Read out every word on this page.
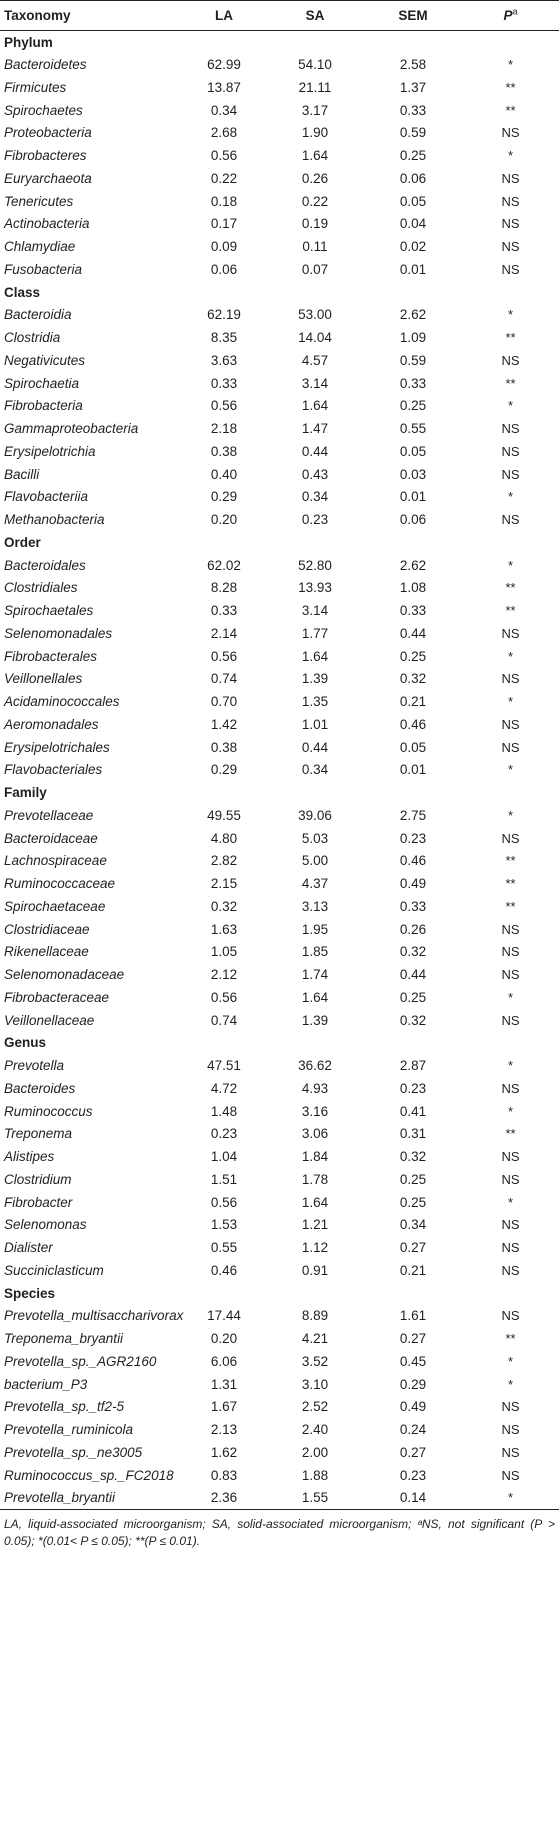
Taxonomy	LA	SA	SEM	$P^a$
Phylum				
Bacteroidetes	62.99	54.10	2.58	*
Firmicutes	13.87	21.11	1.37	**
Spirochaetes	0.34	3.17	0.33	**
Proteobacteria	2.68	1.90	0.59	NS
Fibrobacteres	0.56	1.64	0.25	*
Euryarchaeota	0.22	0.26	0.06	NS
Tenericutes	0.18	0.22	0.05	NS
Actinobacteria	0.17	0.19	0.04	NS
Chlamydiae	0.09	0.11	0.02	NS
Fusobacteria	0.06	0.07	0.01	NS
Class				
Bacteroidia	62.19	53.00	2.62	*
Clostridia	8.35	14.04	1.09	**
Negativicutes	3.63	4.57	0.59	NS
Spirochaetia	0.33	3.14	0.33	**
Fibrobacteria	0.56	1.64	0.25	*
Gammaproteobacteria	2.18	1.47	0.55	NS
Erysipelotrichia	0.38	0.44	0.05	NS
Bacilli	0.40	0.43	0.03	NS
Flavobacteriia	0.29	0.34	0.01	*
Methanobacteria	0.20	0.23	0.06	NS
Order				
Bacteroidales	62.02	52.80	2.62	*
Clostridiales	8.28	13.93	1.08	**
Spirochaetales	0.33	3.14	0.33	**
Selenomonadales	2.14	1.77	0.44	NS
Fibrobacterales	0.56	1.64	0.25	*
Veillonellales	0.74	1.39	0.32	NS
Acidaminococcales	0.70	1.35	0.21	*
Aeromonadales	1.42	1.01	0.46	NS
Erysipelotrichales	0.38	0.44	0.05	NS
Flavobacteriales	0.29	0.34	0.01	*
Family				
Prevotellaceae	49.55	39.06	2.75	*
Bacteroidaceae	4.80	5.03	0.23	NS
Lachnospiraceae	2.82	5.00	0.46	**
Ruminococcaceae	2.15	4.37	0.49	**
Spirochaetaceae	0.32	3.13	0.33	**
Clostridiaceae	1.63	1.95	0.26	NS
Rikenellaceae	1.05	1.85	0.32	NS
Selenomonadaceae	2.12	1.74	0.44	NS
Fibrobacteraceae	0.56	1.64	0.25	*
Veillonellaceae	0.74	1.39	0.32	NS
Genus				
Prevotella	47.51	36.62	2.87	*
Bacteroides	4.72	4.93	0.23	NS
Ruminococcus	1.48	3.16	0.41	*
Treponema	0.23	3.06	0.31	**
Alistipes	1.04	1.84	0.32	NS
Clostridium	1.51	1.78	0.25	NS
Fibrobacter	0.56	1.64	0.25	*
Selenomonas	1.53	1.21	0.34	NS
Dialister	0.55	1.12	0.27	NS
Succiniclasticum	0.46	0.91	0.21	NS
Species				
Prevotella_multisaccharivorax	17.44	8.89	1.61	NS
Treponema_bryantii	0.20	4.21	0.27	**
Prevotella_sp._AGR2160	6.06	3.52	0.45	*
bacterium_P3	1.31	3.10	0.29	*
Prevotella_sp._tf2-5	1.67	2.52	0.49	NS
Prevotella_ruminicola	2.13	2.40	0.24	NS
Prevotella_sp._ne3005	1.62	2.00	0.27	NS
Ruminococcus_sp._FC2018	0.83	1.88	0.23	NS
Prevotella_bryantii	2.36	1.55	0.14	*
LA, liquid-associated microorganism; SA, solid-associated microorganism; ᵃNS, not significant (P > 0.05); *(0.01< P ≤ 0.05); **(P ≤ 0.01).
